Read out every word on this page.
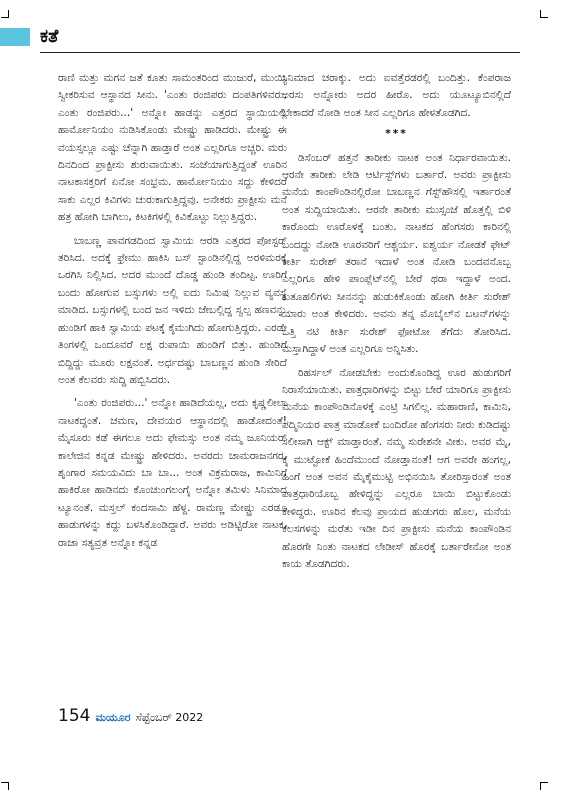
ಕತೆ

ರಾಣಿ ಮತ್ತು ಮಗನ ಜತೆ ಕೂತು ಸಾಮಂತರಿಂದ ಮುಜುರೆ, ಮುಯ್ಯಿ ಸ್ವೀಕರಿಸುವ ಆಸ್ಥಾನದ ಸೀನು. 'ಎಂತು ರಂಜಿಪರು ದಂಪತಿಗಳಿವರು, ಎಂತು ರಂಜಿಪರು...' ಅನ್ನೋ ಹಾಡನ್ನು ಎತ್ತರದ ಸ್ಥಾಯಿಯಲ್ಲಿ ಹಾರ್ಮೋನಿಯಂ ನುಡಿಸಿಕೊಂಡು ಮೇಷ್ಟ್ರು ಹಾಡಿದರು. ಮೇಷ್ಟ್ರು ಈ ವಯಸ್ಸಲ್ಲೂ ಎಷ್ಟು ಚೆನ್ನಾಗಿ ಹಾಡ್ತಾರೆ ಅಂತ ಎಲ್ಲರಿಗೂ ಅಚ್ಚರಿ. ಮರು ದಿನದಿಂದ ಪ್ರಾಕ್ಟೀಸು ಶುರುವಾಯಿತು. ಸಂಜೆಯಾಗುತ್ತಿದ್ದಂತೆ ಊರಿನ ನಾಟಕಾಸಕ್ತರಿಗೆ ಏನೋ ಸಂಭ್ರಮ. ಹಾರ್ಮೋನಿಯಂ ಸದ್ದು ಕೇಳಿದರೆ ಸಾಕು ಎಲ್ಲರ ಕಿವಿಗಳು ಚುರುಕಾಗುತ್ತಿದ್ದವು. ಅನೇಕರು ಪ್ರಾಕ್ಟೀಸು ಮನೆ ಹತ್ರ ಹೋಗಿ ಬಾಗಿಲು, ಕಿಟಕಿಗಳಲ್ಲಿ ಕಿವಿಕೊಟ್ಟು ನಿಲ್ಲುತ್ತಿದ್ದರು.

ಬಾಬಣ್ಣ ಪಾವಗಡದಿಂದ ಸ್ವಾಮಿಯ ಆರಡಿ ಎತ್ತರದ ಪೋಸ್ಟರ್ ತರಿಸಿದ. ಅದಕ್ಕೆ ಫ್ರೇಮು ಹಾಕಿಸಿ ಬಸ್ ಸ್ಟಾಂಡಿನಲ್ಲಿದ್ದ ಅರಳಿಮರಕ್ಕೆ ಒರಗಿಸಿ ನಿಲ್ಲಿಸಿದ. ಅದರ ಮುಂದೆ ದೊಡ್ಡ ಹುಂಡಿ ತಂದಿಟ್ಟ. ಊರಿಗೆ ಬಂದು ಹೋಗುವ ಬಸ್ಸುಗಳು ಅಲ್ಲಿ ಐದು ನಿಮಿಷ ನಿಲ್ಲುವ ವ್ಯವಸ್ಥೆ ಮಾಡಿದ. ಬಸ್ಸುಗಳಲ್ಲಿ ಬಂದ ಜನ ಇಳಿದು ಜೇಬಲ್ಲಿದ್ದ ಸ್ವಲ್ಪ ಹಣವನ್ನು ಹುಂಡಿಗೆ ಹಾಕಿ ಸ್ವಾಮಿಯ ಪಟಕ್ಕೆ ಕೈಮುಗಿದು ಹೋಗುತ್ತಿದ್ದರು. ಎರಡೇ ತಿಂಗಳಲ್ಲಿ ಒಂದೂವರೆ ಲಕ್ಷ ರುಪಾಯಿ ಹುಂಡಿಗೆ ಬಿತ್ತು. ಹುಂಡಿಗೆ ಬಿದ್ದಿದ್ದು ಮೂರು ಲಕ್ಷವಂತೆ. ಅರ್ಧದಷ್ಟು ಬಾಬಣ್ಣನ ಹುಂಡಿ ಸೇರಿದೆ ಅಂತ ಕೆಲವರು ಸುದ್ದಿ ಹಬ್ಬಿಸಿದರು.

'ಎಂತು ರಂಜಿಪರು...' ಅನ್ನೋ ಹಾಡಿದೆಯಲ್ಲ, ಅದು ಕೃಷ್ಣಲೀಲಾ ನಾಟಕದ್ದಂತೆ. ಚಮಣ, ದೇವಯರ ಆಸ್ಥಾನದಲ್ಲಿ ಹಾಡೋದಂತೆ! ಮೈಸೂರು ಕಡೆ ಈಗಲೂ ಅದು ಫೇಮಸ್ಸು ಅಂತ ನಮ್ಮ ಜೂನಿಯರ್ ಕಾಲೇಜಿನ ಕನ್ನಡ ಮೇಷ್ಟ್ರು ಹೇಳಿದರು. ಅವರದು ಚಾಮರಾಜನಗರ. ಶೃಂಗಾರ ಸಮಯವಿದು ಬಾ ಬಾ... ಅಂತ ವಿಕ್ರಮರಾಜ, ಕಾಮಿನಿಗೆ ಹಾಕಿರೋ ಹಾಡಿನದು ಕೊಂಚುಂಗಲಂಗೈ ಅನ್ನೋ ತಮಿಳು ಸಿನಿಮಾದ ಟ್ಯೂನಂತೆ. ಮಸ್ತಲ್ ಕಂದಸಾಮಿ ಹೆಳ್ದ. ರಾಮಣ್ಣ ಮೇಷ್ಟ್ರು ಎರಡೂ ಹಾಡುಗಳನ್ನು ಕದ್ದು ಬಳಸಿಕೊಂಡಿದ್ದಾರೆ. ಅವರು ಅಡಿಟ್ಟಿರೋ ನಾಟಕ, ರಾಜಾ ಸತ್ಯವ್ರತ ಅನ್ನೋ ಕನ್ನಡ

ಸಿನಿಮಾದ ಚರಾಕ್ಕು. ಅದು ಐವತ್ತೆರಡರಲ್ಲಿ ಬಂದಿತ್ತು. ಕೆಂಪರಾಜ ಅರಸು ಅನ್ನೋರು ಅದರ ಹೀರೊ. ಅದು ಯೂಟ್ಯೂಬಿನಲ್ಲಿದೆ ಬೇಕಾದರೆ ನೋಡಿ ಅಂತ ಸೀನ ಎಲ್ಲರಿಗೂ ಹೇಳತೊಡಗಿದ.

***

ಡಿಸೆಂಬರ್ ಹತ್ತನೆ ತಾರೀಕು ನಾಟಕ ಅಂತ ನಿರ್ಧಾರವಾಯಿತು. ಆರನೇ ತಾರೀಕು ಲೇಡಿ ಆರ್ಟಿಸ್ಟ್‌ಗಳು ಬರ್ತಾರೆ. ಅವರು ಪ್ರಾಕ್ಟೀಸು ಮನೆಯ ಕಾಂಪೌಂಡಿನಲ್ಲಿರೋ ಬಾಬಣ್ಣನ ಗೆಸ್ಟ್‌ಹೌಸಲ್ಲಿ ಇರ್ತಾರಂತೆ ಅಂತ ಸುದ್ದಿಯಾಯಿತು. ಆರನೇ ತಾರೀಕು ಮುಸ್ಸಂಜೆ ಹೊತ್ತಲ್ಲಿ ಬಿಳಿ ಕಾರೊಂದು ಊರೊಳಕ್ಕೆ ಬಂತು. ನಾಟಕದ ಹೆಂಗಸರು ಕಾರಿನಲ್ಲಿ ಬಂದದ್ದು ನೋಡಿ ಊರವರಿಗೆ ಆಶ್ಚರ್ಯ. ಐಶ್ವರ್ಯ ನೋಡಕೆ ಫೇಟ್ ಕೀರ್ತಿ ಸುರೇಶ್ ತರಾನೆ ಇದಾಳೆ ಅಂತ ನೋಡಿ ಬಂದವನೊಬ್ಬ ಎಲ್ಲರಿಗೂ ಹೇಳಿ ಪಾಂಪ್ಲೆಟ್‌ನಲ್ಲಿ ಬೇರೆ ಥರಾ ಇದ್ದಾಳೆ ಅಂದ. ಕುತೂಹಲಿಗಳು ಸೀನನನ್ನು ಹುಡುಕಿಕೊಂಡು ಹೋಗಿ ಕೀರ್ತಿ ಸುರೇಶ್ ಯಾರು ಅಂತ ಕೇಳಿದರು. ಅವನು ತನ್ನ ಮೊಬೈಲ್‌ನ ಬಟನ್‌ಗಳನ್ನು ಒತ್ತಿ ನಟಿ ಕೀರ್ತಿ ಸುರೇಶ್ ಫೋಟೋ ತೆಗೆದು ತೋರಿಸಿದ. ಮಸ್ತಾಗಿದ್ದಾಳೆ ಅಂತ ಎಲ್ಲರಿಗೂ ಅನ್ನಿಸಿತು.

ರಿಹರ್ಸಲ್ ನೋಡಬೇಕು ಅಂದುಕೊಂಡಿದ್ದ ಊರ ಹುಡುಗರಿಗೆ ನಿರಾಸೆಯಾಯಿತು. ಪಾತ್ರಧಾರಿಗಳನ್ನು ಬಿಟ್ಟು ಬೇರೆ ಯಾರಿಗೂ ಪ್ರಾಕ್ಟೀಸು ಮನೆಯ ಕಾಂಪೌಂಡಿನೊಳಕ್ಕೆ ಎಂಟ್ರಿ ಸಿಗಲಿಲ್ಲ. ಮಹಾರಾಣಿ, ಕಾಮಿನಿ, ಪದ್ಮಿನಿಯರ ಪಾತ್ರ ಮಾಡೋಕೆ ಬಂದಿರೋ ಹೆಂಗಸರು ನೀರು ಕುಡಿದಷ್ಟು ಸಲೀಸಾಗಿ ಆಕ್ಟ್ ಮಾಡ್ತಾರಂತೆ. ನಮ್ಮ ಸುರೇಶನೇ ವೀಕು. ಅವರ ಮೈ, ಕೈ ಮುಟ್ಟೋಕೆ ಹಿಂದೆಮುಂದೆ ನೋಡ್ತಾನಂತೆ! ಆಗ ಅವರೇ ಹಂಗಲ್ಲ, ಹಿಂಗೆ ಅಂತ ಅವನ ಮೈಕೈಮುಟ್ಟಿ ಅಭಿನಯಿಸಿ ತೋರಿಸ್ತಾರಂತೆ ಅಂತ ಪಾತ್ರಧಾರಿಯೊಬ್ಬ ಹೇಳಿದ್ದನ್ನು ಎಲ್ಲರೂ ಬಾಯಿ ಬಿಟ್ಟುಕೊಂಡು ಕೇಳಿದ್ದರು. ಊರಿನ ಕೆಲವು ಪ್ರಾಯದ ಹುಡುಗರು ಹೊಲ, ಮನೆಯ ಕೆಲಸಗಳನ್ನು ಮರೆತು ಇಡೀ ದಿನ ಪ್ರಾಕ್ಟೀಸು ಮನೆಯ ಕಾಂಪೌಂಡಿನ ಹೊರಗೇ ನಿಂತು ನಾಟಕದ ಲೇಡೀಸ್ ಹೊರಕ್ಕೆ ಬರ್ತಾರೇನೋ ಅಂತ ಕಾಯ ತೊಡಗಿದರು.

154 ಮಯೂರ ಸೆಪ್ಟೆಂಬರ್ 2022
